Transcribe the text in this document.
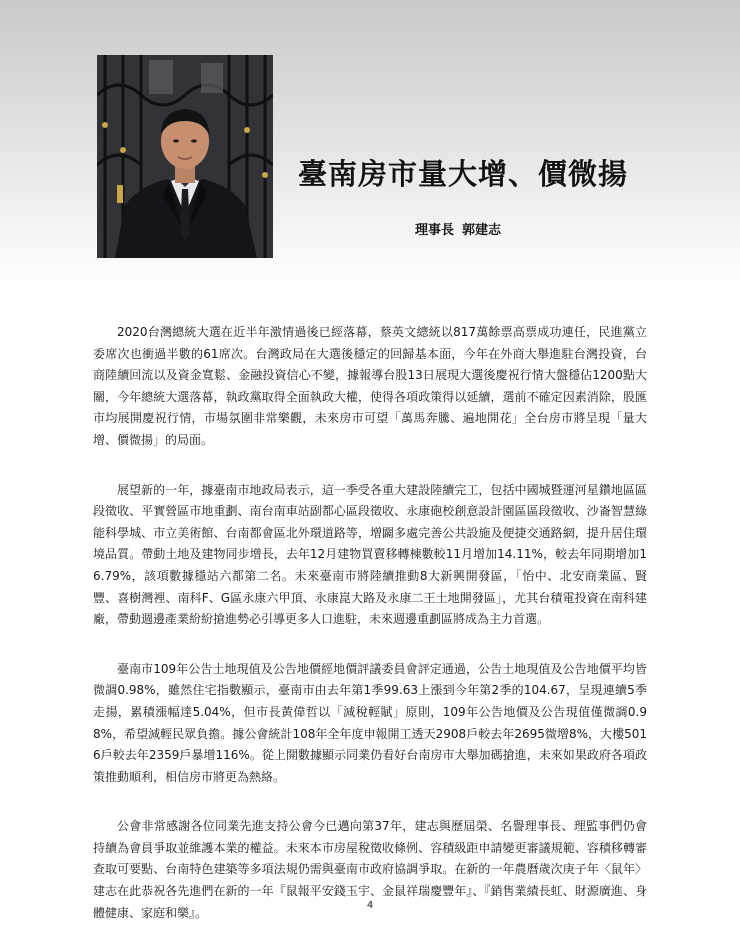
臺南房市量大增、價微揚
理事長 郭建志

2020台灣總統大選在近半年激情過後已經落幕，蔡英文總統以817萬餘票高票成功連任，民進黨立委席次也衝過半數的61席次。台灣政局在大選後穩定的回歸基本面，今年在外商大舉進駐台灣投資，台商陸續回流以及資金寬鬆、金融投資信心不變，據報導台股13日展現大選後慶祝行情大盤穩佔1200點大關，今年總統大選落幕，執政黨取得全面執政大權，使得各項政策得以延續，選前不確定因素消除，股匯市均展開慶祝行情，市場氛圍非常樂觀，未來房市可望「萬馬奔騰、遍地開花」全台房市將呈現「量大增、價微揚」的局面。

展望新的一年，據臺南市地政局表示，這一季受各重大建設陸續完工，包括中國城暨運河星鑽地區區段徵收、平實營區市地重劃、南台南車站副都心區段徵收、永康砲校創意設計園區區段徵收、沙崙智慧綠能科學城、市立美術館、台南都會區北外環道路等，增闢多處完善公共設施及便捷交通路網，提升居住環境品質。帶動土地及建物同步增長，去年12月建物買賣移轉棟數較11月增加14.11%，較去年同期增加16.79%，該項數據穩站六都第二名。未來臺南市將陸續推動8大新興開發區，「怡中、北安商業區、賢豐、喜樹灣裡、南科F、G區永康六甲頂、永康崑大路及永康二王土地開發區」，尤其台積電投資在南科建廠，帶動週邊產業紛紛搶進勢必引導更多人口進駐，未來週邊重劃區將成為主力首選。

臺南市109年公告土地現值及公告地價經地價評議委員會評定通過，公告土地現值及公告地價平均皆微調0.98%，雖然住宅指數顯示，臺南市由去年第1季99.63上漲到今年第2季的104.67，呈現連續5季走揚，累積漲幅達5.04%，但市長黃偉哲以「減稅輕賦」原則，109年公告地價及公告現值僅微調0.98%，希望減輕民眾負擔。據公會統計108年全年度申報開工透天2908戶較去年2695微增8%，大樓5016戶較去年2359戶暴增116%。從上開數據顯示同業仍看好台南房市大舉加碼搶進，未來如果政府各項政策推動順利，相信房市將更為熱絡。

公會非常感謝各位同業先進支持公會今已邁向第37年，建志與歷屆榮、名譽理事長、理監事們仍會持續為會員爭取並維護本業的權益。未來本市房屋稅徵收條例、容積級距申請變更審議規範、容積移轉審查取可要點、台南特色建築等多項法規仍需與臺南市政府協調爭取。在新的一年農曆歲次庚子年〈鼠年〉建志在此恭祝各先進們在新的一年『鼠報平安錢玉宇、金鼠祥瑞慶豐年』、『銷售業績長虹、財源廣進、身體健康、家庭和樂』。

4
